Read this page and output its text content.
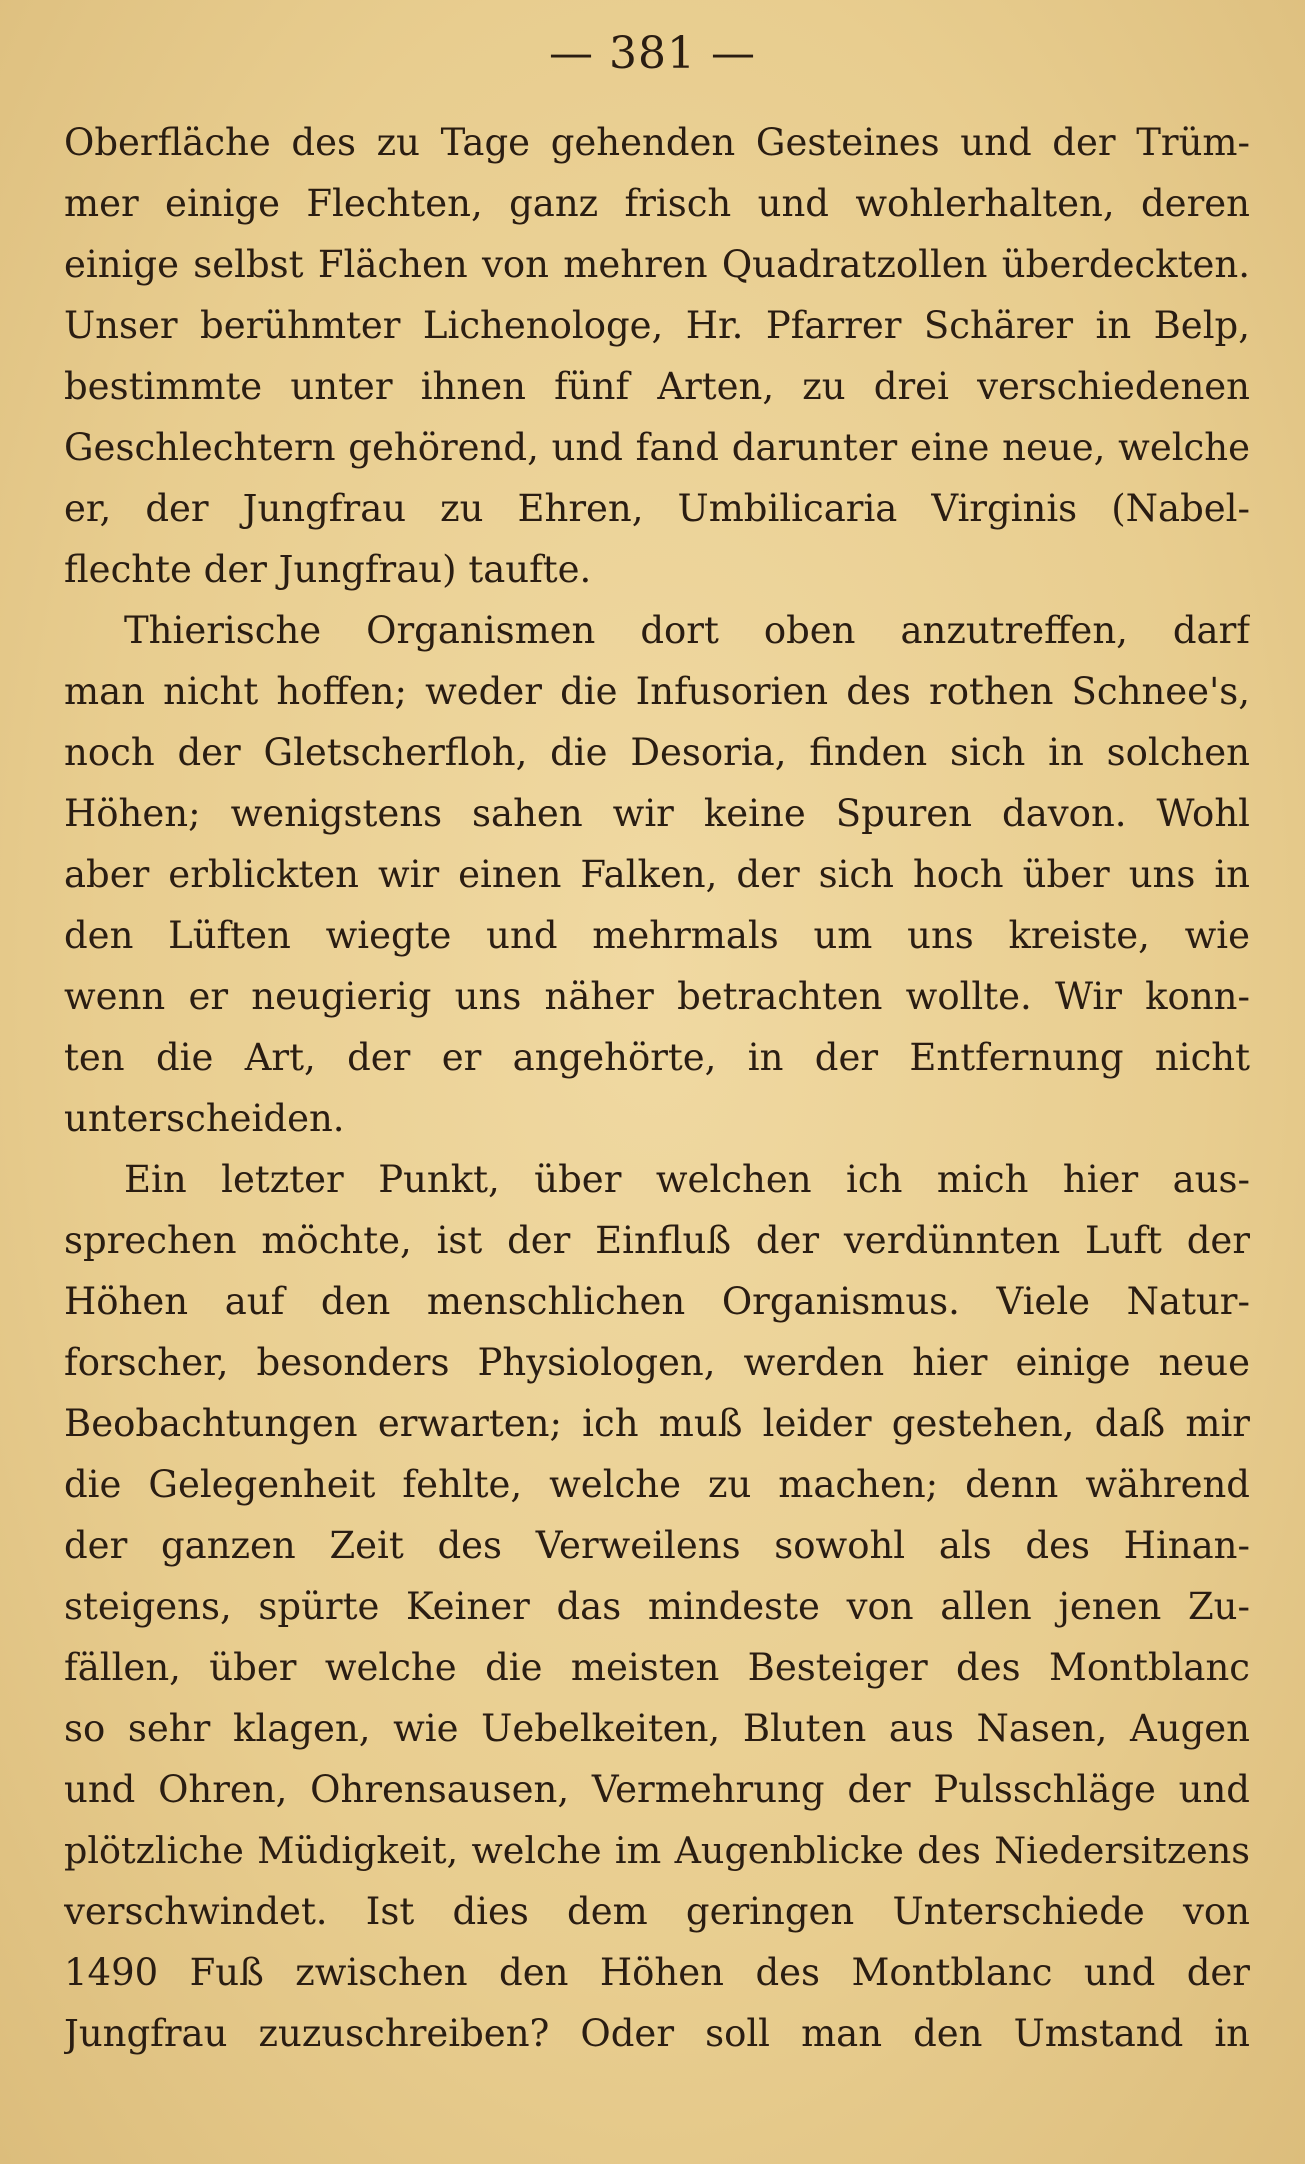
— 381 —
Oberfläche des zu Tage gehenden Gesteines und der Trüm-
mer einige Flechten, ganz frisch und wohlerhalten, deren
einige selbst Flächen von mehren Quadratzollen überdeckten.
Unser berühmter Lichenologe, Hr. Pfarrer Schärer in Belp,
bestimmte unter ihnen fünf Arten, zu drei verschiedenen
Geschlechtern gehörend, und fand darunter eine neue, welche
er, der Jungfrau zu Ehren, Umbilicaria Virginis (Nabel-
flechte der Jungfrau) taufte.
Thierische Organismen dort oben anzutreffen, darf
man nicht hoffen; weder die Infusorien des rothen Schnee's,
noch der Gletscherfloh, die Desoria, finden sich in solchen
Höhen; wenigstens sahen wir keine Spuren davon. Wohl
aber erblickten wir einen Falken, der sich hoch über uns in
den Lüften wiegte und mehrmals um uns kreiste, wie
wenn er neugierig uns näher betrachten wollte. Wir konn-
ten die Art, der er angehörte, in der Entfernung nicht
unterscheiden.
Ein letzter Punkt, über welchen ich mich hier aus-
sprechen möchte, ist der Einfluß der verdünnten Luft der
Höhen auf den menschlichen Organismus. Viele Natur-
forscher, besonders Physiologen, werden hier einige neue
Beobachtungen erwarten; ich muß leider gestehen, daß mir
die Gelegenheit fehlte, welche zu machen; denn während
der ganzen Zeit des Verweilens sowohl als des Hinan-
steigens, spürte Keiner das mindeste von allen jenen Zu-
fällen, über welche die meisten Besteiger des Montblanc
so sehr klagen, wie Uebelkeiten, Bluten aus Nasen, Augen
und Ohren, Ohrensausen, Vermehrung der Pulsschläge und
plötzliche Müdigkeit, welche im Augenblicke des Niedersitzens
verschwindet. Ist dies dem geringen Unterschiede von
1490 Fuß zwischen den Höhen des Montblanc und der
Jungfrau zuzuschreiben? Oder soll man den Umstand in
